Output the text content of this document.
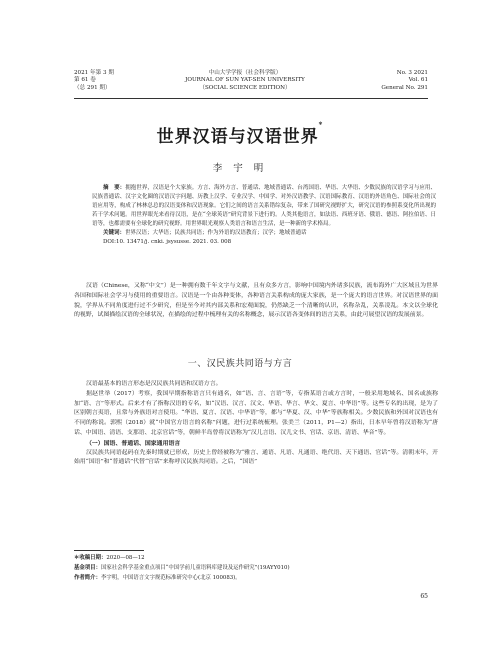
2021 年第 3 期
第 61 卷
（总 291 期）
中山大学学报（社会科学版）
JOURNAL OF SUN YAT-SEN UNIVERSITY
（SOCIAL SCIENCE EDITION）
No. 3 2021
Vol. 61
General No. 291
世界汉语与汉语世界*
李 宇 明

摘　要：拥抱世界，汉语是个大家族。方言、海外方言、普通话、地域普通话、台湾国语、华语、大华语、少数民族的汉语学习与应用、民族普通话、汉字文化圈的汉语汉字问题、历教上汉学、专业汉学、中国学、对外汉语教学、汉语国际教育、汉语的外语角色、国际社会的汉语应用等，构成了林林总总的汉语变体和汉语现象。它们之间的语言关系错综复杂，带来了国研究视野扩大，研究汉语的参照系变化所出现的若干学术问题。用世界眼光来看待汉语，是在“全球英语”研究背景下进行的。人类其他语言，如法语、西班牙语、俄语、德语、阿拉伯语、日语等，也都需要有全球化的研究视野。用世界眼光观察人类语言和语言生活，是一种新的学术格局。

关键词：世界汉语；大华语；民族共同语；作为外语的汉语教育；汉学；地域普通话

DOI:10. 13471/j. cnki. jsysusse. 2021. 03. 008

汉语（Chinese，又称“中文”）是一种拥有数千年文字与文献，且有众多方言，影响中国境内外诸多民族，流布海外广大区域且为世界各国和国际社会学习与使用的重要语言。汉语是一个由各种变体，各种语言关系构成的庞大家族，是一个庞大的语言世界。对汉语世界的面貌，学界从不同角度进行过不少研究，但是至今对其内部关系和宏观面貌，仍然缺乏一个清晰的认识，名称杂乱，关系凌乱。本文以全球化的视野，试图描绘汉语的全球状况，在描绘的过程中梳理有关的名称概念，展示汉语各变体间的语言关系，由此可展望汉语的发展前景。

一、汉民族共同语与方言

汉语最基本的语言形态是汉民族共同语和汉语方言。

据赵世举（2017）考察，我国早期指称语言只有通名，如“语、言、言语”等，专指某语言或方言时，一般采用地域名、国名或族称加“语、言”等形式。后来才有了指称汉语的专名，如“汉语、汉言、汉文、华语、华言、华文、夏言、中华语”等。这些专名的出现，是为了区别朝言夷语，且常与外族语对言使用。“华语、夏言、汉语、中华语”等，都与“华夏、汉、中华”等族称相关。少数民族和外国对汉语也有不同的称说。郭熙（2018）就“中国官方语言的名称”问题，进行过系统梳理。张美兰（2011，P1—2）指出，日本早年曾将汉语称为“唐话、中国语、清语、支那语、北京官话”等，朝鲜半岛曾将汉语称为“汉儿言语、汉儿文书、官话、京语、清语、华音”等。

（一）国语、普通话、国家通用语言

汉民族共同语起码在先秦时期就已形成，历史上曾经被称为“雅言、通语、凡语、凡通语、绝代语、天下通语、官话”等。清朝末年，开始用“国语”和“普通话”代替“官话”来称呼汉民族共同语。之后，“国语”

＊收稿日期：2020—08—12

基金项目：国家社会科学基金重点项目“中国学前儿童语料库建设及运作研究”(19AYY010)

作者简介：李宇明，中国语言文字规范标准研究中心(北京 100083)。

65
